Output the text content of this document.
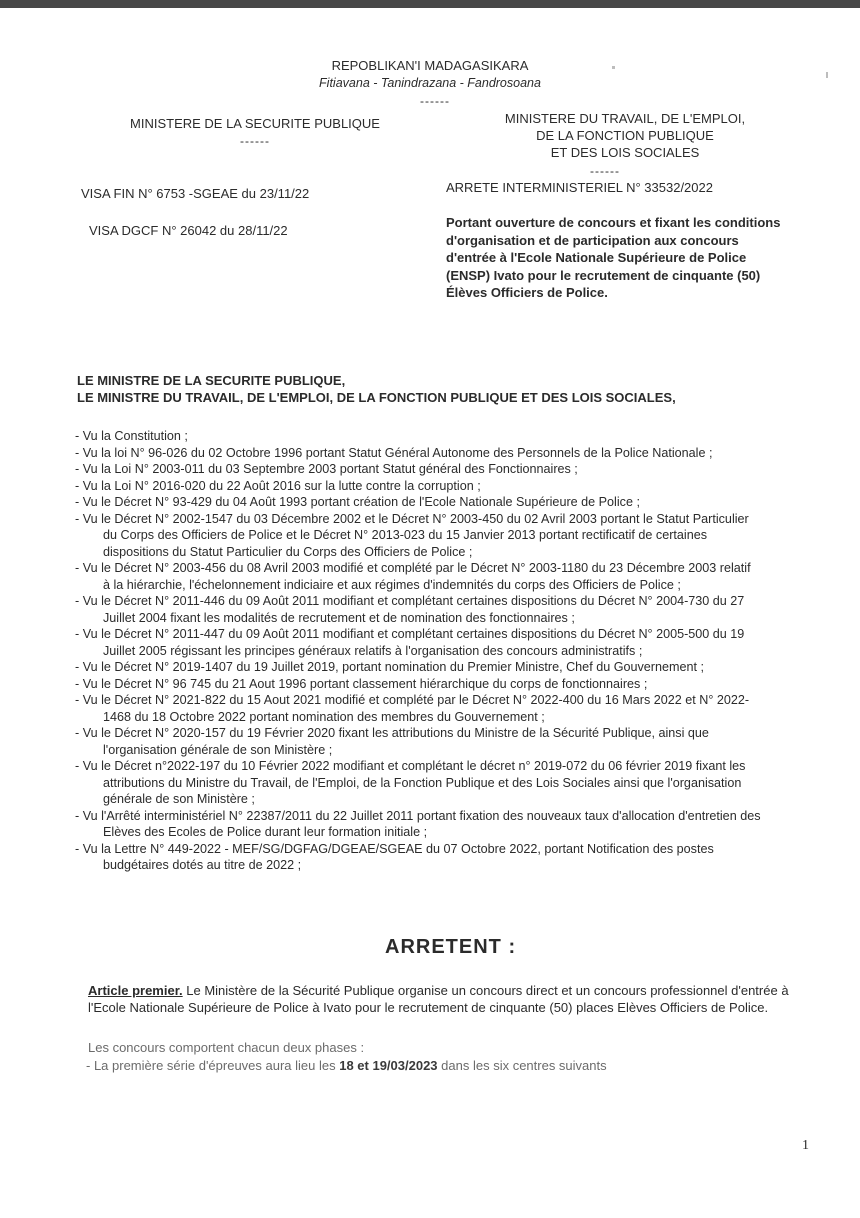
REPOBLIKAN'I MADAGASIKARA
Fitiavana - Tanindrazana - Fandrosoana
------
MINISTERE DE LA SECURITE PUBLIQUE
------
MINISTERE DU TRAVAIL, DE L'EMPLOI,
DE LA FONCTION PUBLIQUE
ET DES LOIS SOCIALES
------
VISA FIN N° 6753 -SGEAE du 23/11/22
VISA DGCF N° 26042 du 28/11/22
ARRETE INTERMINISTERIEL N° 33532/2022
Portant ouverture de concours et fixant les conditions
d'organisation et de participation aux concours
d'entrée à l'Ecole Nationale Supérieure de Police
(ENSP) Ivato pour le recrutement de cinquante (50)
Élèves Officiers de Police.
LE MINISTRE DE LA SECURITE PUBLIQUE,
LE MINISTRE DU TRAVAIL, DE L'EMPLOI, DE LA FONCTION PUBLIQUE ET DES LOIS SOCIALES,
- Vu la Constitution ;
- Vu la loi N° 96-026 du 02 Octobre 1996 portant Statut Général Autonome des Personnels de la Police Nationale ;
- Vu la Loi N° 2003-011 du 03 Septembre 2003 portant Statut général des Fonctionnaires ;
- Vu la Loi N° 2016-020 du 22 Août 2016 sur la lutte contre la corruption ;
- Vu le Décret N° 93-429 du 04 Août 1993 portant création de l'Ecole Nationale Supérieure de Police ;
- Vu le Décret N° 2002-1547 du 03 Décembre 2002 et le Décret N° 2003-450 du 02 Avril 2003 portant le Statut Particulier
du Corps des Officiers de Police et le Décret N° 2013-023 du 15 Janvier 2013 portant rectificatif de certaines
dispositions du Statut Particulier du Corps des Officiers de Police ;
- Vu le Décret N° 2003-456 du 08 Avril 2003 modifié et complété par le Décret N° 2003-1180 du 23 Décembre 2003 relatif
à la hiérarchie, l'échelonnement indiciaire et aux régimes d'indemnités du corps des Officiers de Police ;
- Vu le Décret N° 2011-446 du 09 Août 2011 modifiant et complétant certaines dispositions du Décret N° 2004-730 du 27
Juillet 2004 fixant les modalités de recrutement et de nomination des fonctionnaires ;
- Vu le Décret N° 2011-447 du 09 Août 2011 modifiant et complétant certaines dispositions du Décret N° 2005-500 du 19
Juillet 2005 régissant les principes généraux relatifs à l'organisation des concours administratifs ;
- Vu le Décret N° 2019-1407 du 19 Juillet 2019, portant nomination du Premier Ministre, Chef du Gouvernement ;
- Vu le Décret N° 96 745 du 21 Aout 1996 portant classement hiérarchique du corps de fonctionnaires ;
- Vu le Décret N° 2021-822 du 15 Aout 2021 modifié et complété par le Décret N° 2022-400 du 16 Mars 2022 et N° 2022-
1468 du 18 Octobre 2022 portant nomination des membres du Gouvernement ;
- Vu le Décret N° 2020-157 du 19 Février 2020 fixant les attributions du Ministre de la Sécurité Publique, ainsi que
l'organisation générale de son Ministère ;
- Vu le Décret n°2022-197 du 10 Février 2022 modifiant et complétant le décret n° 2019-072 du 06 février 2019 fixant les
attributions du Ministre du Travail, de l'Emploi, de la Fonction Publique et des Lois Sociales ainsi que l'organisation
générale de son Ministère ;
- Vu l'Arrêté interministériel N° 22387/2011 du 22 Juillet 2011 portant fixation des nouveaux taux d'allocation d'entretien des
Elèves des Ecoles de Police durant leur formation initiale ;
- Vu la Lettre N° 449-2022 - MEF/SG/DGFAG/DGEAE/SGEAE du 07 Octobre 2022, portant Notification des postes
budgétaires dotés au titre de 2022 ;
ARRETENT :
Article premier. Le Ministère de la Sécurité Publique organise un concours direct et un concours professionnel d'entrée à
l'Ecole Nationale Supérieure de Police à Ivato pour le recrutement de cinquante (50) places Elèves Officiers de Police.
Les concours comportent chacun deux phases :
- La première série d'épreuves aura lieu les 18 et 19/03/2023 dans les six centres suivants
1
